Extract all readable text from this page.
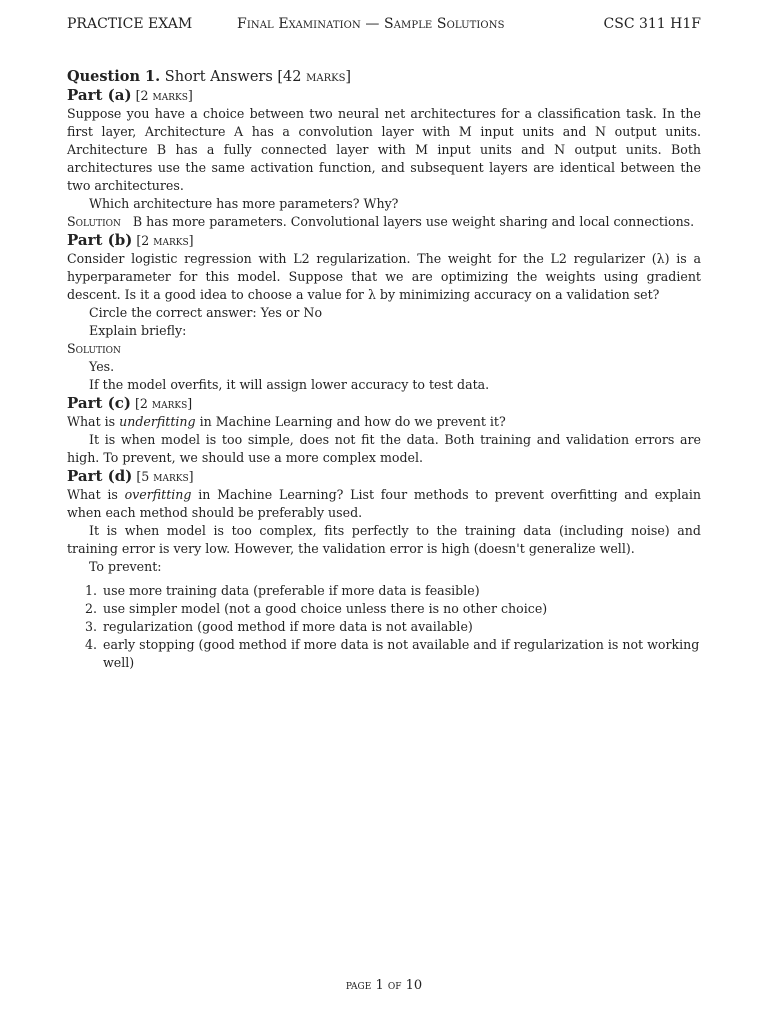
PRACTICE EXAM	Final Examination — Sample Solutions	CSC 311 H1F

Question 1. Short Answers [42 marks]

Part (a) [2 marks]

Suppose you have a choice between two neural net architectures for a classification task. In the first layer, Architecture A has a convolution layer with M input units and N output units. Architecture B has a fully connected layer with M input units and N output units. Both architectures use the same activation function, and subsequent layers are identical between the two architectures.

Which architecture has more parameters? Why?

Solution B has more parameters. Convolutional layers use weight sharing and local connections.

Part (b) [2 marks]

Consider logistic regression with L2 regularization. The weight for the L2 regularizer (λ) is a hyperparameter for this model. Suppose that we are optimizing the weights using gradient descent. Is it a good idea to choose a value for λ by minimizing accuracy on a validation set?

Circle the correct answer: Yes or No

Explain briefly:

Solution

Yes.

If the model overfits, it will assign lower accuracy to test data.

Part (c) [2 marks]

What is underfitting in Machine Learning and how do we prevent it?

It is when model is too simple, does not fit the data. Both training and validation errors are high. To prevent, we should use a more complex model.

Part (d) [5 marks]

What is overfitting in Machine Learning? List four methods to prevent overfitting and explain when each method should be preferably used.

It is when model is too complex, fits perfectly to the training data (including noise) and training error is very low. However, the validation error is high (doesn't generalize well).

To prevent:

1. use more training data (preferable if more data is feasible)
2. use simpler model (not a good choice unless there is no other choice)
3. regularization (good method if more data is not available)
4. early stopping (good method if more data is not available and if regularization is not working well)
page 1 of 10
